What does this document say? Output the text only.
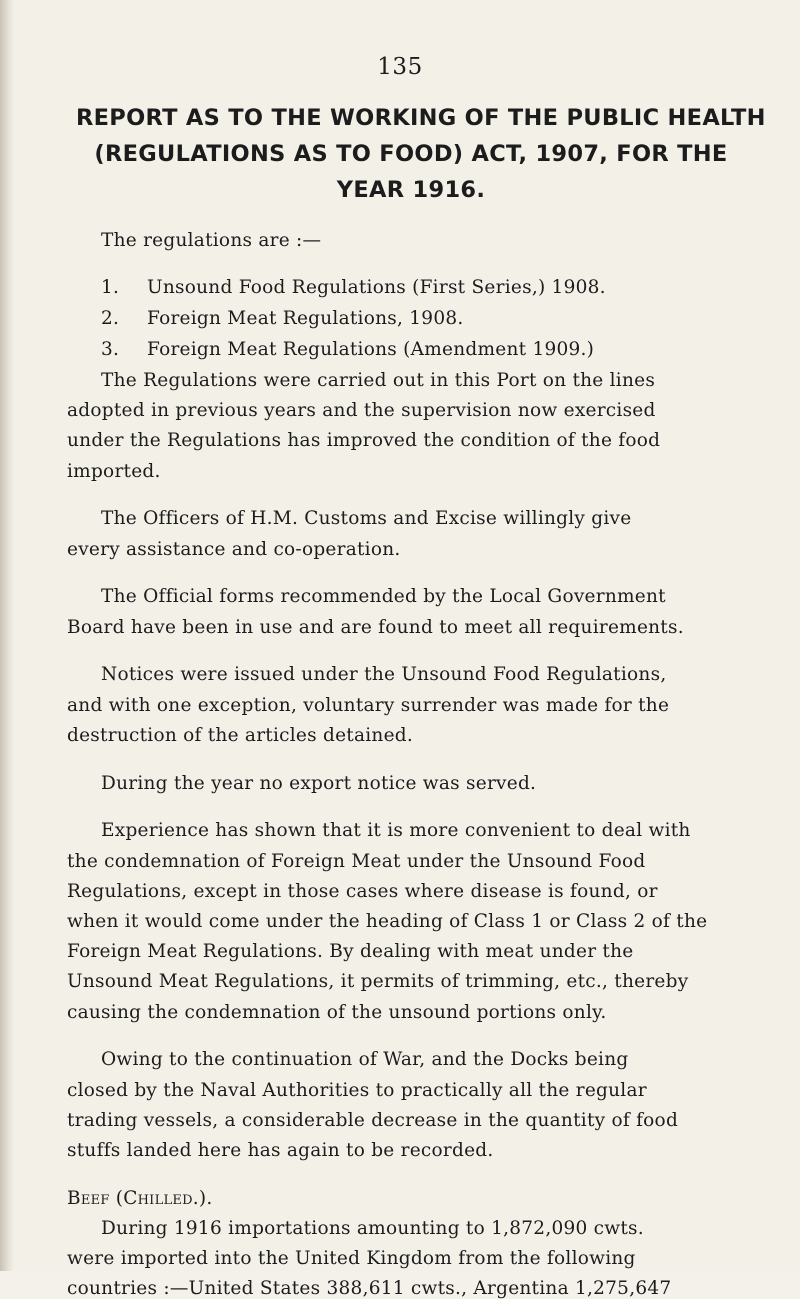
135
REPORT AS TO THE WORKING OF THE PUBLIC HEALTH
(REGULATIONS AS TO FOOD) ACT, 1907, FOR THE
YEAR 1916.
The regulations are :—
1. Unsound Food Regulations (First Series,) 1908.
2. Foreign Meat Regulations, 1908.
3. Foreign Meat Regulations (Amendment 1909.)
The Regulations were carried out in this Port on the lines
adopted in previous years and the supervision now exercised
under the Regulations has improved the condition of the food
imported.
The Officers of H.M. Customs and Excise willingly give
every assistance and co-operation.
The Official forms recommended by the Local Government
Board have been in use and are found to meet all requirements.
Notices were issued under the Unsound Food Regulations,
and with one exception, voluntary surrender was made for the
destruction of the articles detained.
During the year no export notice was served.
Experience has shown that it is more convenient to deal with
the condemnation of Foreign Meat under the Unsound Food
Regulations, except in those cases where disease is found, or
when it would come under the heading of Class 1 or Class 2 of the
Foreign Meat Regulations. By dealing with meat under the
Unsound Meat Regulations, it permits of trimming, etc., thereby
causing the condemnation of the unsound portions only.
Owing to the continuation of War, and the Docks being
closed by the Naval Authorities to practically all the regular
trading vessels, a considerable decrease in the quantity of food
stuffs landed here has again to be recorded.
Beef (Chilled.).
During 1916 importations amounting to 1,872,090 cwts.
were imported into the United Kingdom from the following
countries :—United States 388,611 cwts., Argentina 1,275,647
